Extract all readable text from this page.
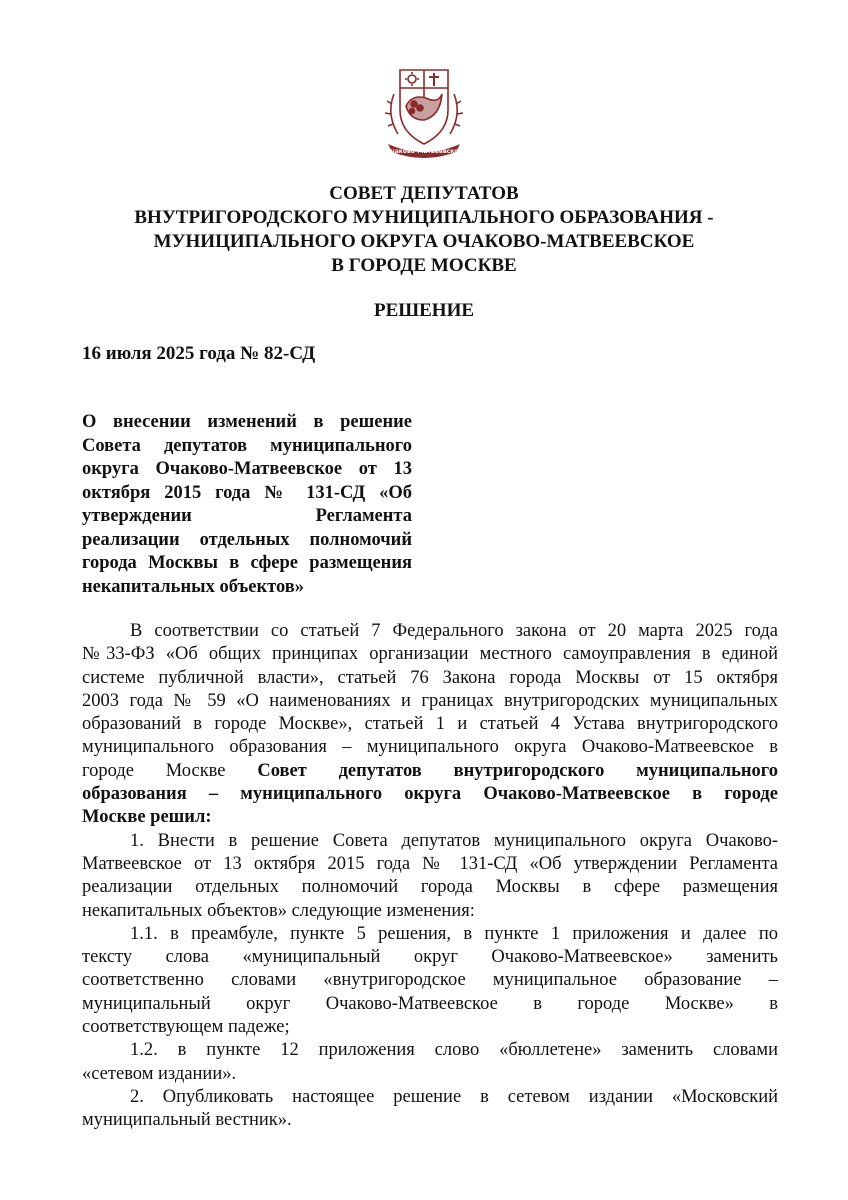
Очаково-Матвеевское
СОВЕТ ДЕПУТАТОВ
ВНУТРИГОРОДСКОГО МУНИЦИПАЛЬНОГО ОБРАЗОВАНИЯ -
МУНИЦИПАЛЬНОГО ОКРУГА ОЧАКОВО-МАТВЕЕВСКОЕ
В ГОРОДЕ МОСКВЕ
РЕШЕНИЕ
16 июля 2025 года № 82-СД
О внесении изменений в решение
Совета депутатов муниципального
округа Очаково-Матвеевское от 13
октября 2015 года № 131-СД «Об
утверждении Регламента
реализации отдельных полномочий
города Москвы в сфере размещения
некапитальных объектов»
В соответствии со статьей 7 Федерального закона от 20 марта 2025 года
№33-ФЗ «Об общих принципах организации местного самоуправления в единой
системе публичной власти», статьей 76 Закона города Москвы от 15 октября
2003 года № 59 «О наименованиях и границах внутригородских муниципальных
образований в городе Москве», статьей 1 и статьей 4 Устава внутригородского
муниципального образования – муниципального округа Очаково-Матвеевское в
городе Москве Совет депутатов внутригородского муниципального
образования – муниципального округа Очаково-Матвеевское в городе
Москве решил:
1. Внести в решение Совета депутатов муниципального округа Очаково-
Матвеевское от 13 октября 2015 года № 131-СД «Об утверждении Регламента
реализации отдельных полномочий города Москвы в сфере размещения
некапитальных объектов» следующие изменения:
1.1. в преамбуле, пункте 5 решения, в пункте 1 приложения и далее по
тексту слова «муниципальный округ Очаково-Матвеевское» заменить
соответственно словами «внутригородское муниципальное образование –
муниципальный округ Очаково-Матвеевское в городе Москве» в
соответствующем падеже;
1.2. в пункте 12 приложения слово «бюллетене» заменить словами
«сетевом издании».
2. Опубликовать настоящее решение в сетевом издании «Московский
муниципальный вестник».
